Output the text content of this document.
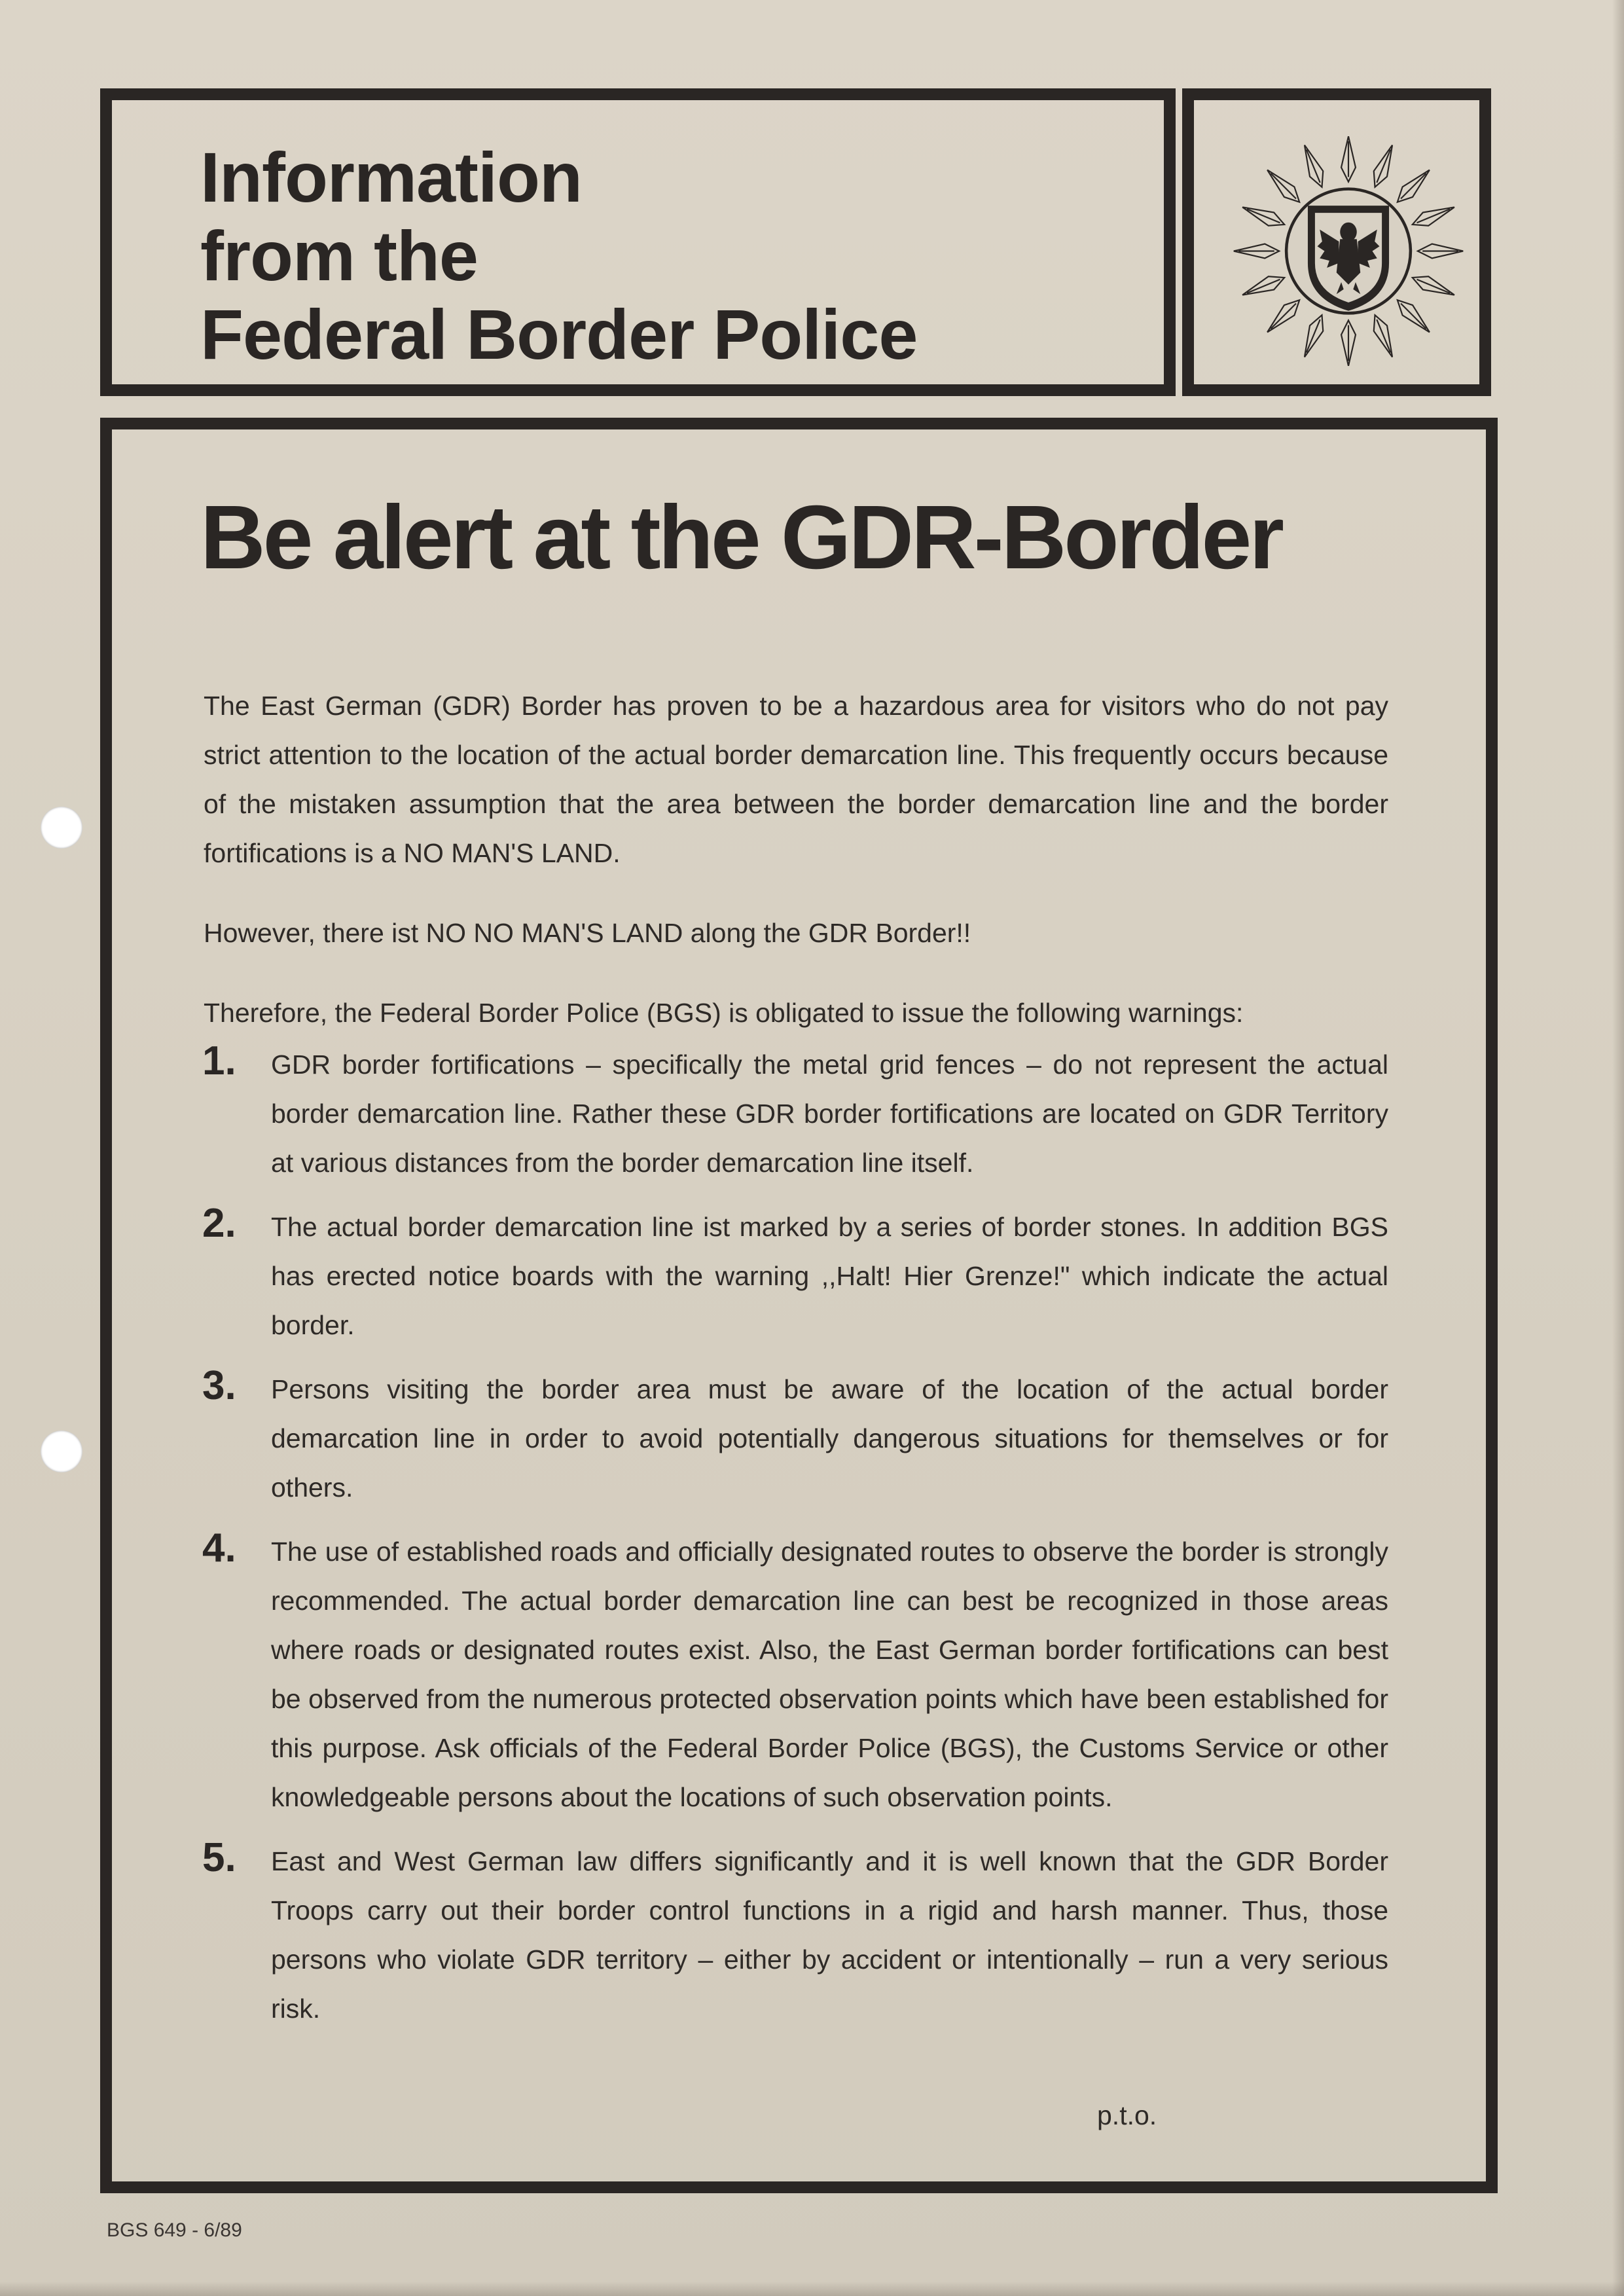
Information
from the
Federal Border Police
Be alert at the GDR-Border

The East German (GDR) Border has proven to be a hazardous area for visitors who do not pay strict attention to the location of the actual border demarcation line. This frequently occurs because of the mistaken assumption that the area between the border demarcation line and the border fortifications is a NO MAN'S LAND.

However, there ist NO NO MAN'S LAND along the GDR Border!!

Therefore, the Federal Border Police (BGS) is obligated to issue the following warnings:

1. GDR border fortifications – specifically the metal grid fences – do not represent the actual border demarcation line. Rather these GDR border fortifications are located on GDR Territory at various distances from the border demarcation line itself.
2. The actual border demarcation line ist marked by a series of border stones. In addition BGS has erected notice boards with the warning ,,Halt! Hier Grenze!" which indicate the actual border.
3. Persons visiting the border area must be aware of the location of the actual border demarcation line in order to avoid potentially dangerous situations for themselves or for others.
4. The use of established roads and officially designated routes to observe the border is strongly recommended. The actual border demarcation line can best be recognized in those areas where roads or designated routes exist. Also, the East German border fortifications can best be observed from the numerous protected observation points which have been established for this purpose. Ask officials of the Federal Border Police (BGS), the Customs Service or other knowledgeable persons about the locations of such observation points.
5. East and West German law differs significantly and it is well known that the GDR Border Troops carry out their border control functions in a rigid and harsh manner. Thus, those persons who violate GDR territory – either by accident or intentionally – run a very serious risk.
p.t.o.
BGS 649 - 6/89
